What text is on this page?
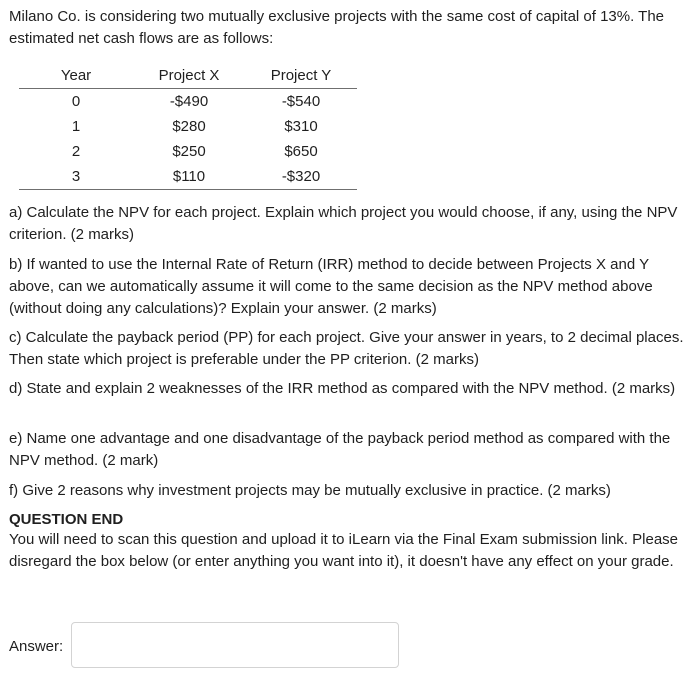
Milano Co. is considering two mutually exclusive projects with the same cost of capital of 13%. The estimated net cash flows are as follows:

Year	Project X	Project Y
0	-$490	-$540
1	$280	$310
2	$250	$650
3	$110	-$320

a) Calculate the NPV for each project. Explain which project you would choose, if any, using the NPV criterion. (2 marks)

b) If wanted to use the Internal Rate of Return (IRR) method to decide between Projects X and Y above, can we automatically assume it will come to the same decision as the NPV method above (without doing any calculations)? Explain your answer. (2 marks)

c) Calculate the payback period (PP) for each project. Give your answer in years, to 2 decimal places. Then state which project is preferable under the PP criterion. (2 marks)

d) State and explain 2 weaknesses of the IRR method as compared with the NPV method. (2 marks)

e) Name one advantage and one disadvantage of the payback period method as compared with the NPV method. (2 mark)

f) Give 2 reasons why investment projects may be mutually exclusive in practice. (2 marks)

QUESTION END

You will need to scan this question and upload it to iLearn via the Final Exam submission link. Please disregard the box below (or enter anything you want into it), it doesn't have any effect on your grade.

Answer:
